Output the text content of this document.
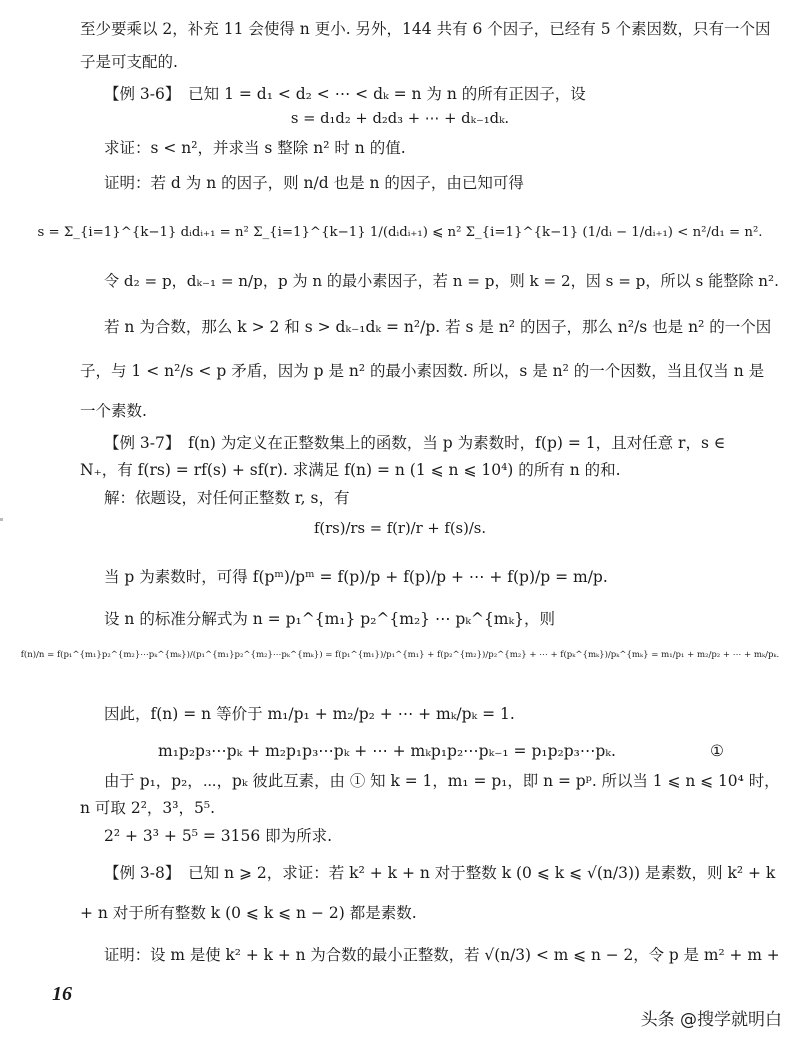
至少要乘以 2，补充 11 会使得 n 更小. 另外，144 共有 6 个因子，已经有 5 个素因数，只有一个因
子是可支配的.
【例 3-6】　已知 1 = d₁ < d₂ < ⋯ < dₖ = n 为 n 的所有正因子，设
s = d₁d₂ + d₂d₃ + ⋯ + dₖ₋₁dₖ.
求证：s < n²，并求当 s 整除 n² 时 n 的值.
证明：若 d 为 n 的因子，则 n/d 也是 n 的因子，由已知可得
s = Σ_{i=1}^{k−1} dᵢdᵢ₊₁ = n² Σ_{i=1}^{k−1} 1/(dᵢdᵢ₊₁) ⩽ n² Σ_{i=1}^{k−1} (1/dᵢ − 1/dᵢ₊₁) < n²/d₁ = n².
令 d₂ = p，dₖ₋₁ = n/p，p 为 n 的最小素因子，若 n = p，则 k = 2，因 s = p，所以 s 能整除 n².
若 n 为合数，那么 k > 2 和 s > dₖ₋₁dₖ = n²/p. 若 s 是 n² 的因子，那么 n²/s 也是 n² 的一个因
子，与 1 < n²/s < p 矛盾，因为 p 是 n² 的最小素因数. 所以，s 是 n² 的一个因数，当且仅当 n 是
一个素数.
【例 3-7】　f(n) 为定义在正整数集上的函数，当 p 为素数时，f(p) = 1，且对任意 r，s ∈
N₊，有 f(rs) = rf(s) + sf(r). 求满足 f(n) = n (1 ⩽ n ⩽ 10⁴) 的所有 n 的和.
解：依题设，对任何正整数 r, s，有
f(rs)/rs = f(r)/r + f(s)/s.
当 p 为素数时，可得 f(pᵐ)/pᵐ = f(p)/p + f(p)/p + ⋯ + f(p)/p = m/p.
设 n 的标准分解式为 n = p₁^{m₁} p₂^{m₂} ⋯ pₖ^{mₖ}，则
f(n)/n = f(p₁^{m₁}p₂^{m₂}⋯pₖ^{mₖ})/(p₁^{m₁}p₂^{m₂}⋯pₖ^{mₖ}) = f(p₁^{m₁})/p₁^{m₁} + f(p₂^{m₂})/p₂^{m₂} + ⋯ + f(pₖ^{mₖ})/pₖ^{mₖ} = m₁/p₁ + m₂/p₂ + ⋯ + mₖ/pₖ.
因此，f(n) = n 等价于 m₁/p₁ + m₂/p₂ + ⋯ + mₖ/pₖ = 1.
m₁p₂p₃⋯pₖ + m₂p₁p₃⋯pₖ + ⋯ + mₖp₁p₂⋯pₖ₋₁ = p₁p₂p₃⋯pₖ.	①
由于 p₁，p₂，⋯，pₖ 彼此互素，由 ① 知 k = 1，m₁ = p₁，即 n = pᵖ. 所以当 1 ⩽ n ⩽ 10⁴ 时，
n 可取 2²，3³，5⁵.
2² + 3³ + 5⁵ = 3156 即为所求.
【例 3-8】　已知 n ⩾ 2，求证：若 k² + k + n 对于整数 k (0 ⩽ k ⩽ √(n/3)) 是素数，则 k² + k
+ n 对于所有整数 k (0 ⩽ k ⩽ n − 2) 都是素数.
证明：设 m 是使 k² + k + n 为合数的最小正整数，若 √(n/3) < m ⩽ n − 2，令 p 是 m² + m +
16
头条 @搜学就明白
